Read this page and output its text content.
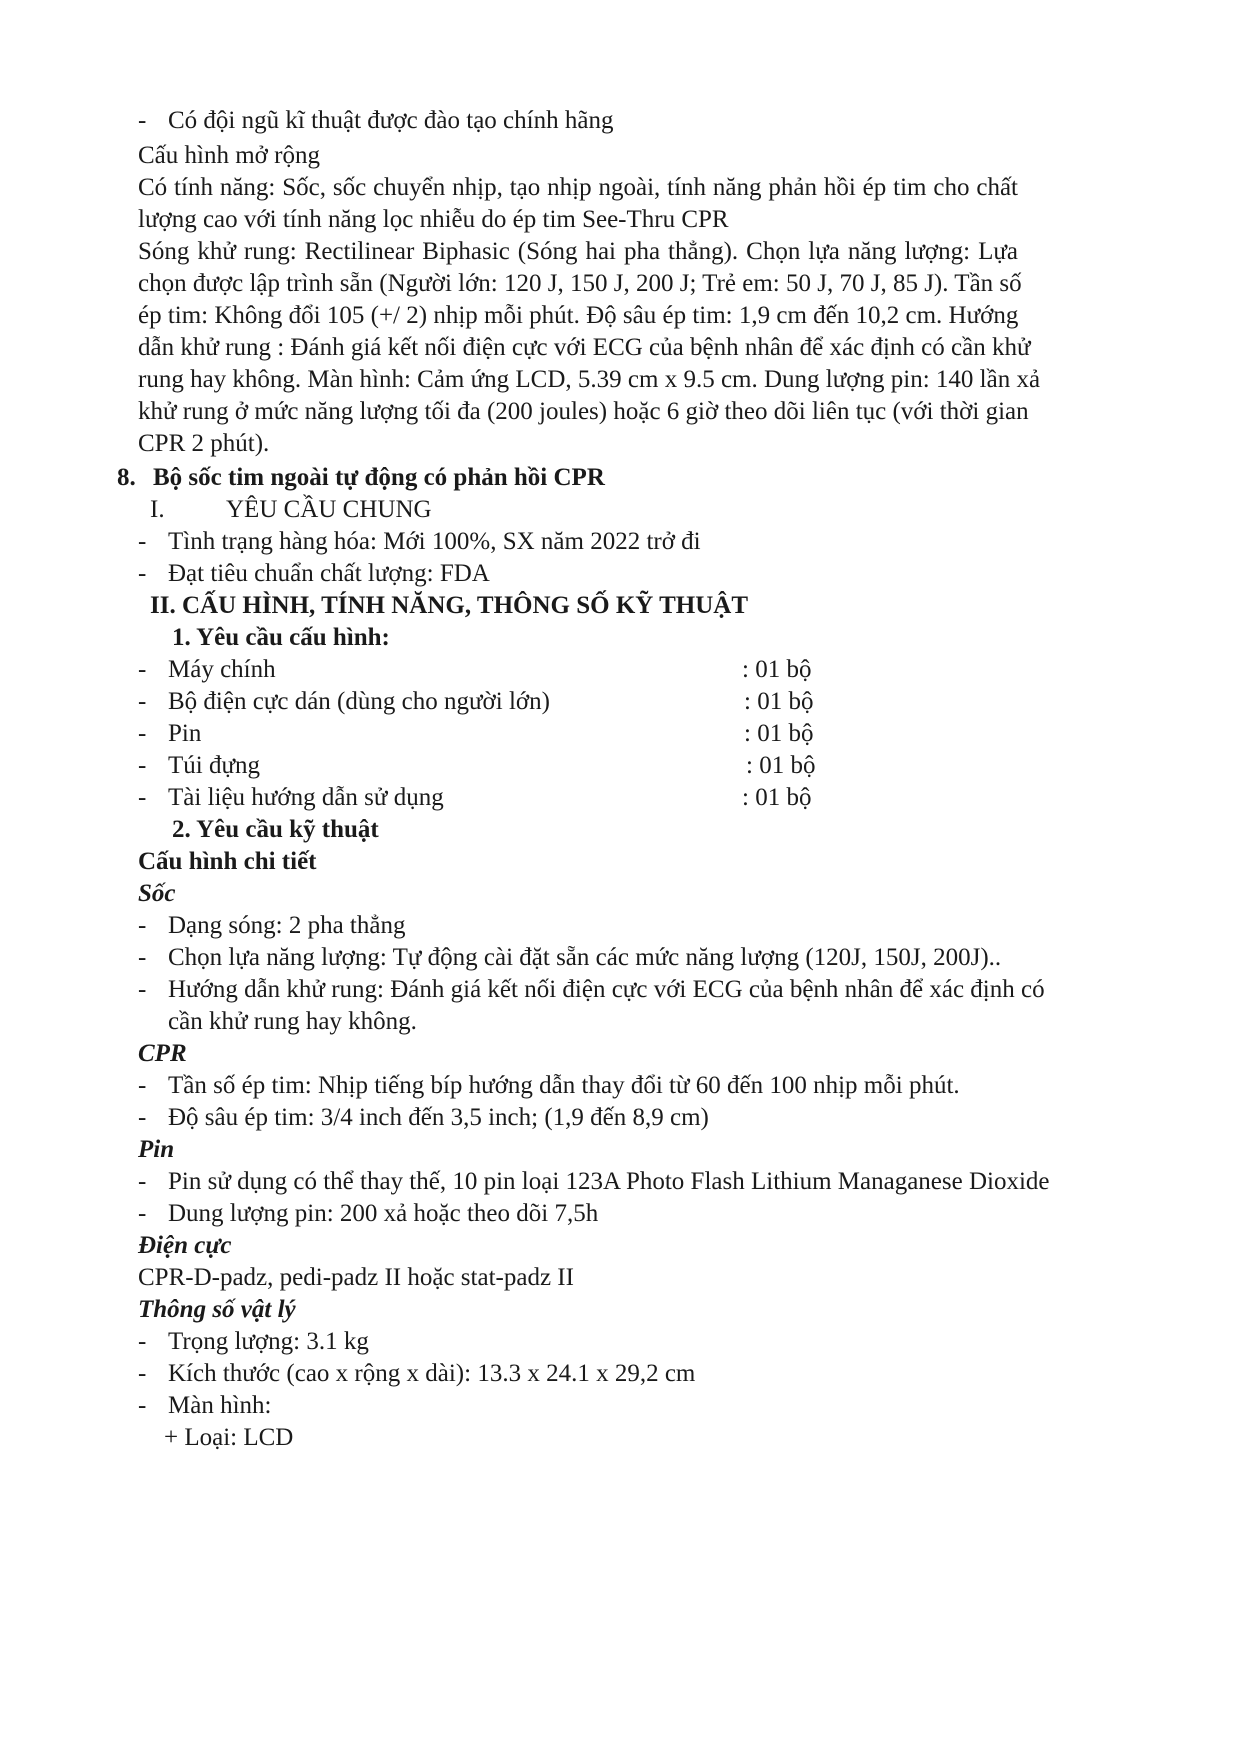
- Có đội ngũ kĩ thuật được đào tạo chính hãng
Cấu hình mở rộng
Có tính năng: Sốc, sốc chuyển nhịp, tạo nhịp ngoài, tính năng phản hồi ép tim cho chất
lượng cao với tính năng lọc nhiễu do ép tim See-Thru CPR
Sóng khử rung: Rectilinear Biphasic (Sóng hai pha thẳng). Chọn lựa năng lượng: Lựa
chọn được lập trình sẵn (Người lớn: 120 J, 150 J, 200 J; Trẻ em: 50 J, 70 J, 85 J). Tần số
ép tim: Không đổi 105 (+/ 2) nhịp mỗi phút. Độ sâu ép tim: 1,9 cm đến 10,2 cm. Hướng
dẫn khử rung : Đánh giá kết nối điện cực với ECG của bệnh nhân để xác định có cần khử
rung hay không. Màn hình: Cảm ứng LCD, 5.39 cm x 9.5 cm. Dung lượng pin: 140 lần xả
khử rung ở mức năng lượng tối đa (200 joules) hoặc 6 giờ theo dõi liên tục (với thời gian
CPR 2 phút).
8. Bộ sốc tim ngoài tự động có phản hồi CPR
I. YÊU CẦU CHUNG
- Tình trạng hàng hóa: Mới 100%, SX năm 2022 trở đi
- Đạt tiêu chuẩn chất lượng: FDA
II. CẤU HÌNH, TÍNH NĂNG, THÔNG SỐ KỸ THUẬT
1. Yêu cầu cấu hình:
- Máy chính	: 01 bộ
- Bộ điện cực dán (dùng cho người lớn)	: 01 bộ
- Pin	: 01 bộ
- Túi đựng	: 01 bộ
- Tài liệu hướng dẫn sử dụng	: 01 bộ
2. Yêu cầu kỹ thuật
Cấu hình chi tiết
Sốc
- Dạng sóng: 2 pha thẳng
- Chọn lựa năng lượng: Tự động cài đặt sẵn các mức năng lượng (120J, 150J, 200J)..
- Hướng dẫn khử rung: Đánh giá kết nối điện cực với ECG của bệnh nhân để xác định có
cần khử rung hay không.
CPR
- Tần số ép tim: Nhịp tiếng bíp hướng dẫn thay đổi từ 60 đến 100 nhịp mỗi phút.
- Độ sâu ép tim: 3/4 inch đến 3,5 inch; (1,9 đến 8,9 cm)
Pin
- Pin sử dụng có thể thay thế, 10 pin loại 123A Photo Flash Lithium Managanese Dioxide
- Dung lượng pin: 200 xả hoặc theo dõi 7,5h
Điện cực
CPR-D-padz, pedi-padz II hoặc stat-padz II
Thông số vật lý
- Trọng lượng: 3.1 kg
- Kích thước (cao x rộng x dài): 13.3 x 24.1 x 29,2 cm
- Màn hình:
+ Loại: LCD
